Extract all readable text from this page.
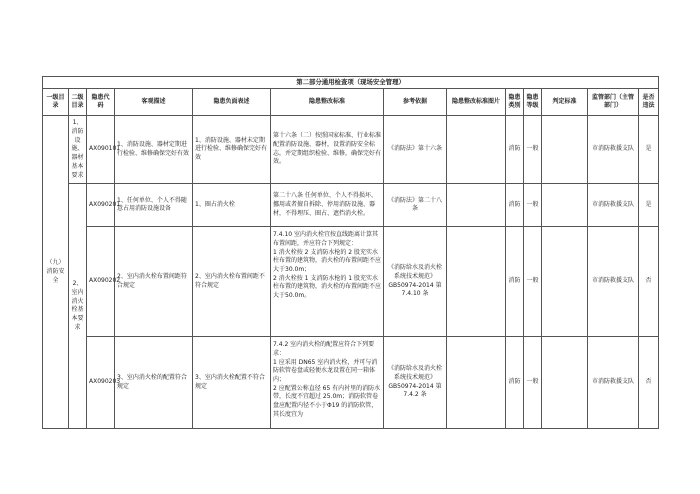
第二部分通用检查项（现场安全管理）												
一级目录	二级目录	隐患代码	客观描述	隐患负面表述	隐患整改标准	参考依据	隐患整改标准图片	隐患类别	隐患等级	判定标准	监管部门（主管部门）	是否违法
（九）消防安全	1、消防设施、器材基本要求	AX090101	1、消防设施、器材定期进行检验、维修确保完好有效	1、消防设施、器材未定期进行检验、维修确保完好有效	第十六条（二）按照国家标准、行业标准配置消防设施、器材，设置消防安全标志，并定期组织检验、维修，确保完好有效。	《消防法》第十六条		消防	一般		市消防救援支队	是
	2、室内消火栓基本要求	AX090201	1、任何单位、个人不得随意占用消防设施设备	1、圈占消火栓	第二十八条 任何单位、个人不得损坏、挪用或者擅自拆除、停用消防设施、器材，不得埋压、圈占、遮挡消火栓。	《消防法》第二十八条		消防	一般		市消防救援支队	是
		AX090202	2、室内消火栓布置间距符合规定	2、室内消火栓布置间距不符合规定	7.4.10 室内消火栓宜按直线距离计算其布置间距，并应符合下列规定：
1 消火栓按 2 支消防水枪的 2 股充实水柱布置的建筑物，消火栓的布置间距不应大于30.0m；
2 消火栓按 1 支消防水枪的 1 股充实水柱布置的建筑物，消火栓的布置间距不应大于50.0m。	《消防给水及消火栓系统技术规范》GB50974-2014 第 7.4.10 条		消防	一般		市消防救援支队	否
		AX090203	3、室内消火栓的配置符合规定	3、室内消火栓配置不符合规定	7.4.2 室内消火栓的配置应符合下列要求：
1 应采用 DN65 室内消火栓，并可与消防软管卷盘或轻便水龙设置在同一箱体内；
2 应配置公称直径 65 有内衬里的消防水带，长度不宜超过 25.0m；消防软管卷盘应配置内径不小于Φ19 的消防软管，其长度宜为	《消防给水及消火栓系统技术规范》GB50974-2014 第 7.4.2 条		消防	一般		市消防救援支队	否
